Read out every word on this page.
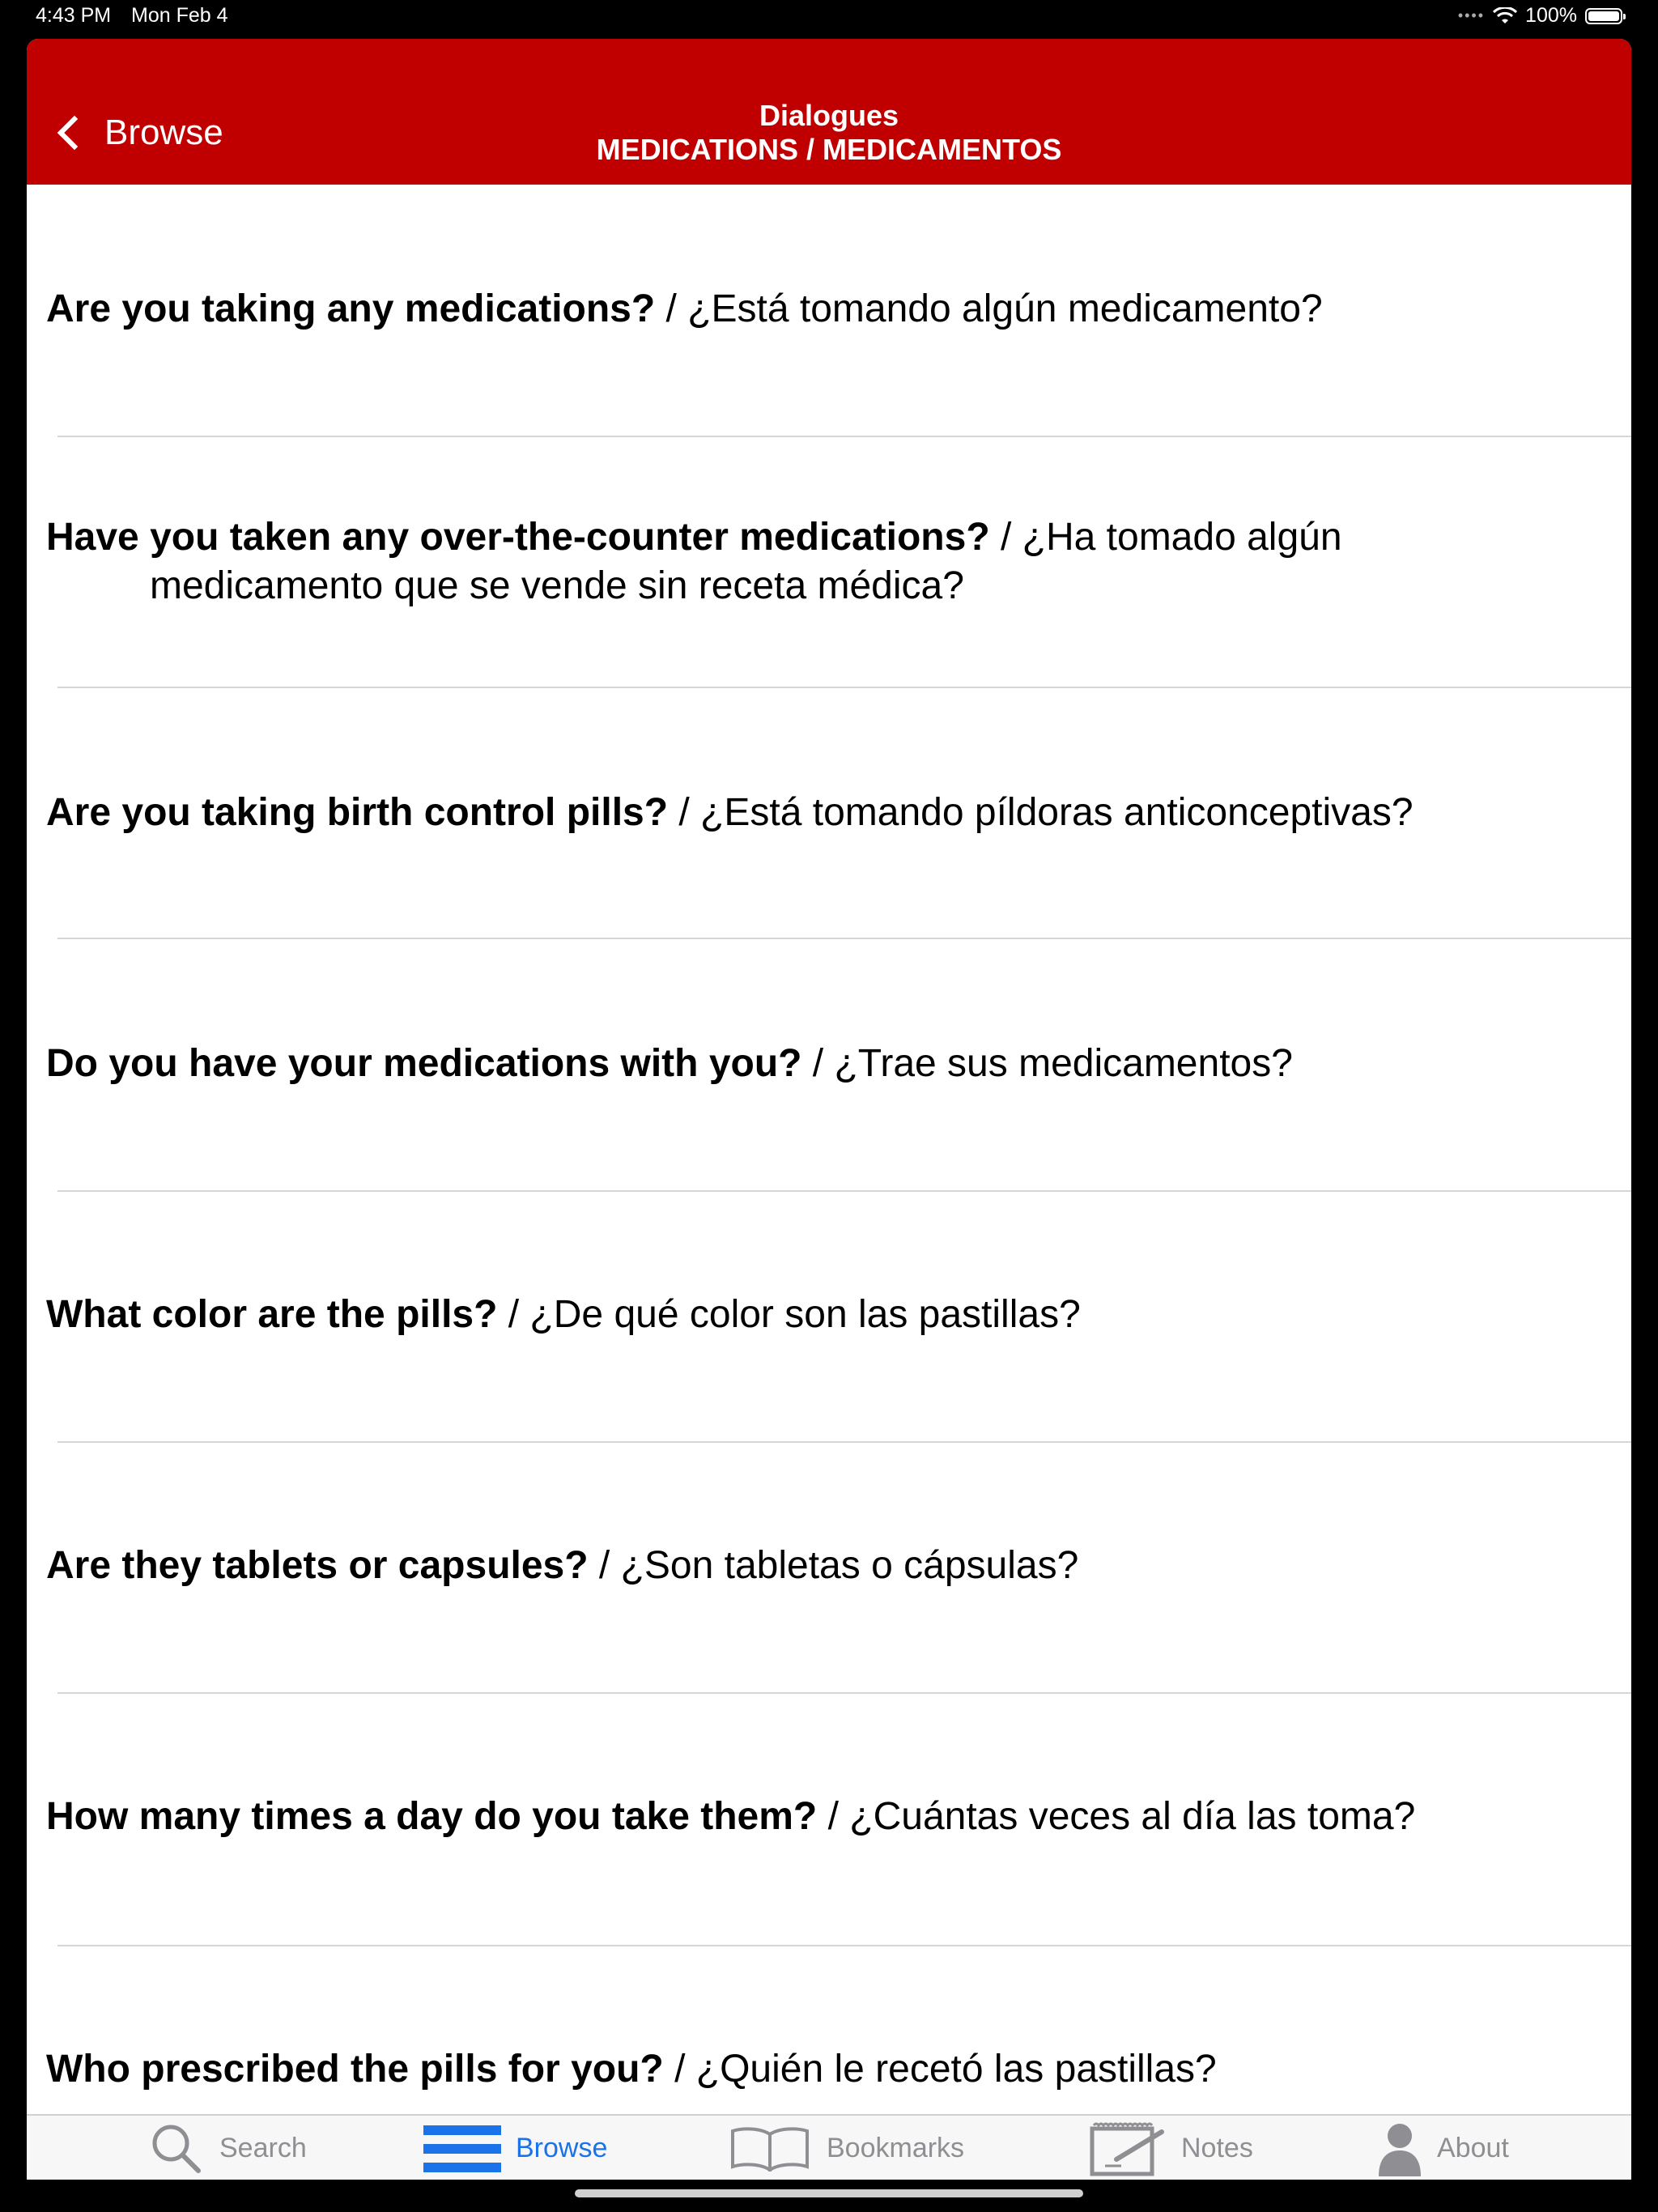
4:43 PM Mon Feb 4	•••• 100%
Browse	Dialogues
MEDICATIONS / MEDICAMENTOS
Are you taking any medications? / ¿Está tomando algún medicamento?
Have you taken any over-the-counter medications? / ¿Ha tomado algún medicamento que se vende sin receta médica?
Are you taking birth control pills? / ¿Está tomando píldoras anticonceptivas?
Do you have your medications with you? / ¿Trae sus medicamentos?
What color are the pills? / ¿De qué color son las pastillas?
Are they tablets or capsules? / ¿Son tabletas o cápsulas?
How many times a day do you take them? / ¿Cuántas veces al día las toma?
Who prescribed the pills for you? / ¿Quién le recetó las pastillas?
Search	Browse	Bookmarks	Notes	About
